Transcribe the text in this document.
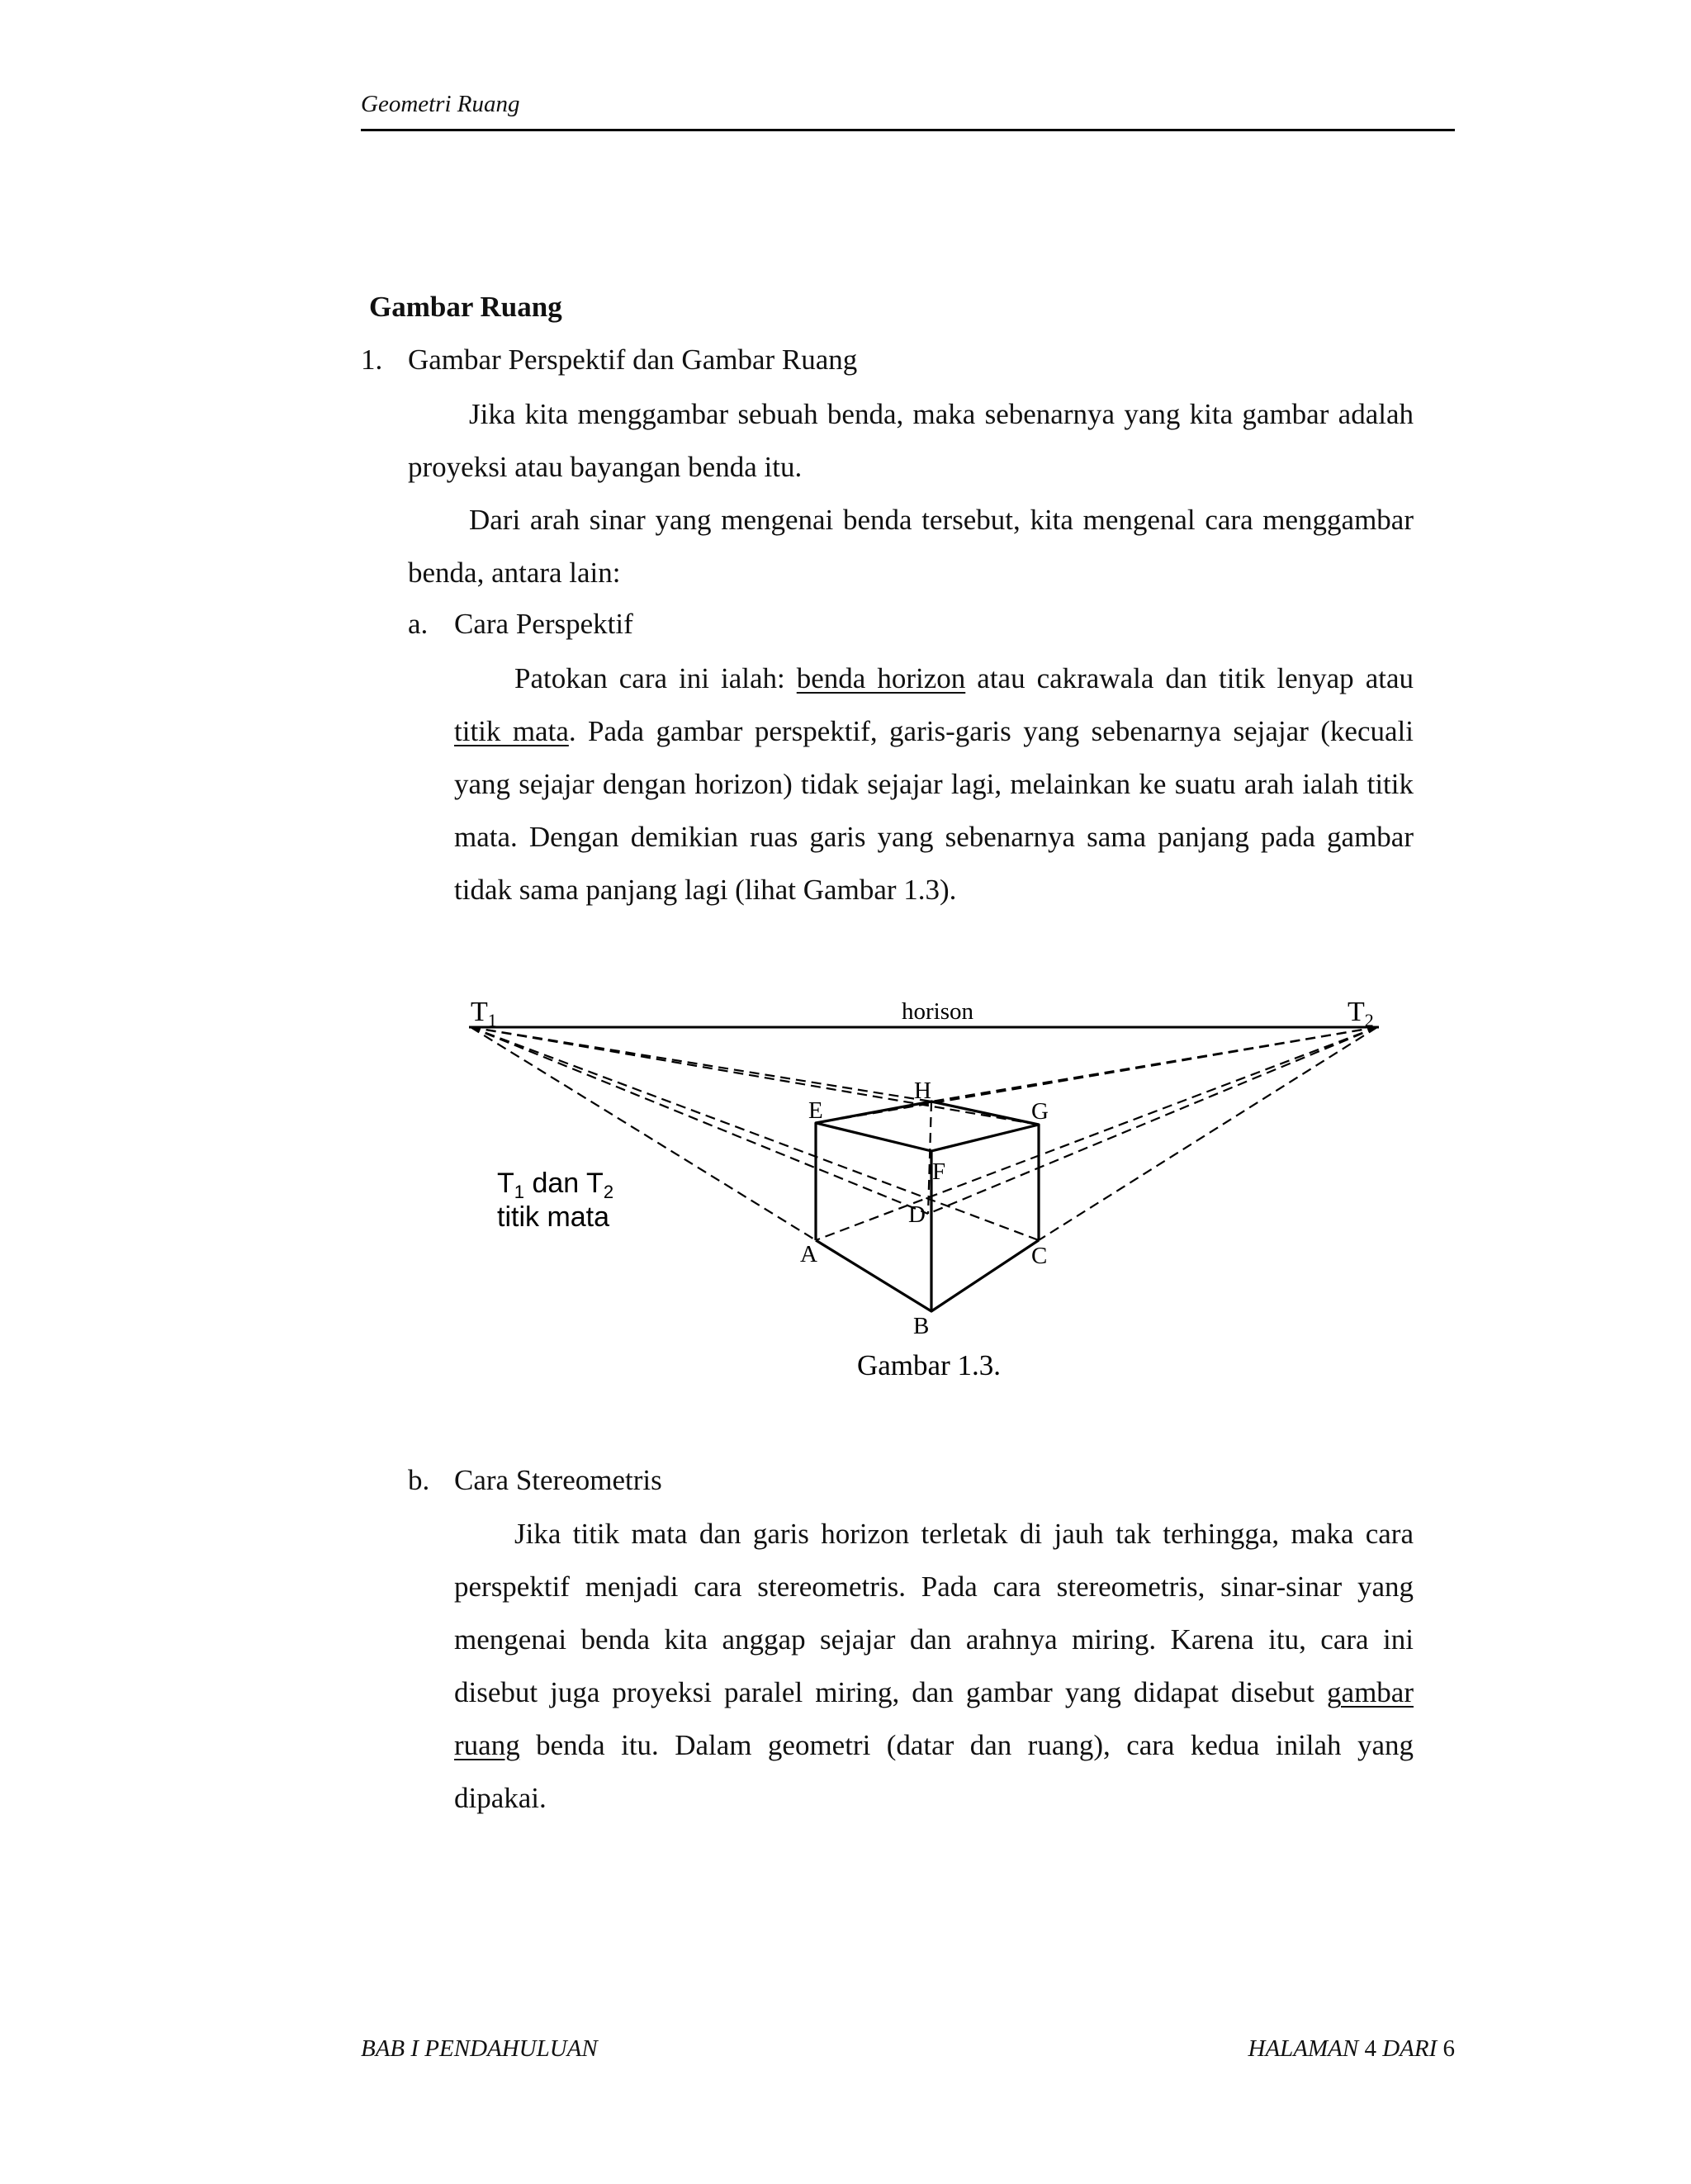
Geometri Ruang
Gambar Ruang
1. Gambar Perspektif dan Gambar Ruang
Jika kita menggambar sebuah benda, maka sebenarnya yang kita gambar adalah proyeksi atau bayangan benda itu.
Dari arah sinar yang mengenai benda tersebut, kita mengenal cara menggambar benda, antara lain:
a. Cara Perspektif
Patokan cara ini ialah: benda horizon atau cakrawala dan titik lenyap atau titik mata. Pada gambar perspektif, garis-garis yang sebenarnya sejajar (kecuali yang sejajar dengan horizon) tidak sejajar lagi, melainkan ke suatu arah ialah titik mata. Dengan demikian ruas garis yang sebenarnya sama panjang pada gambar tidak sama panjang lagi (lihat Gambar 1.3).
$T_1$	$T_2$
horison
$T_1$ dan $T_2$
titik mata
A
B
C
D
E
F
G
H
Gambar 1.3.
b. Cara Stereometris
Jika titik mata dan garis horizon terletak di jauh tak terhingga, maka cara perspektif menjadi cara stereometris. Pada cara stereometris, sinar-sinar yang mengenai benda kita anggap sejajar dan arahnya miring. Karena itu, cara ini disebut juga proyeksi paralel miring, dan gambar yang didapat disebut gambar ruang benda itu. Dalam geometri (datar dan ruang), cara kedua inilah yang dipakai.
BAB I PENDAHULUAN	HALAMAN 4 DARI 6
